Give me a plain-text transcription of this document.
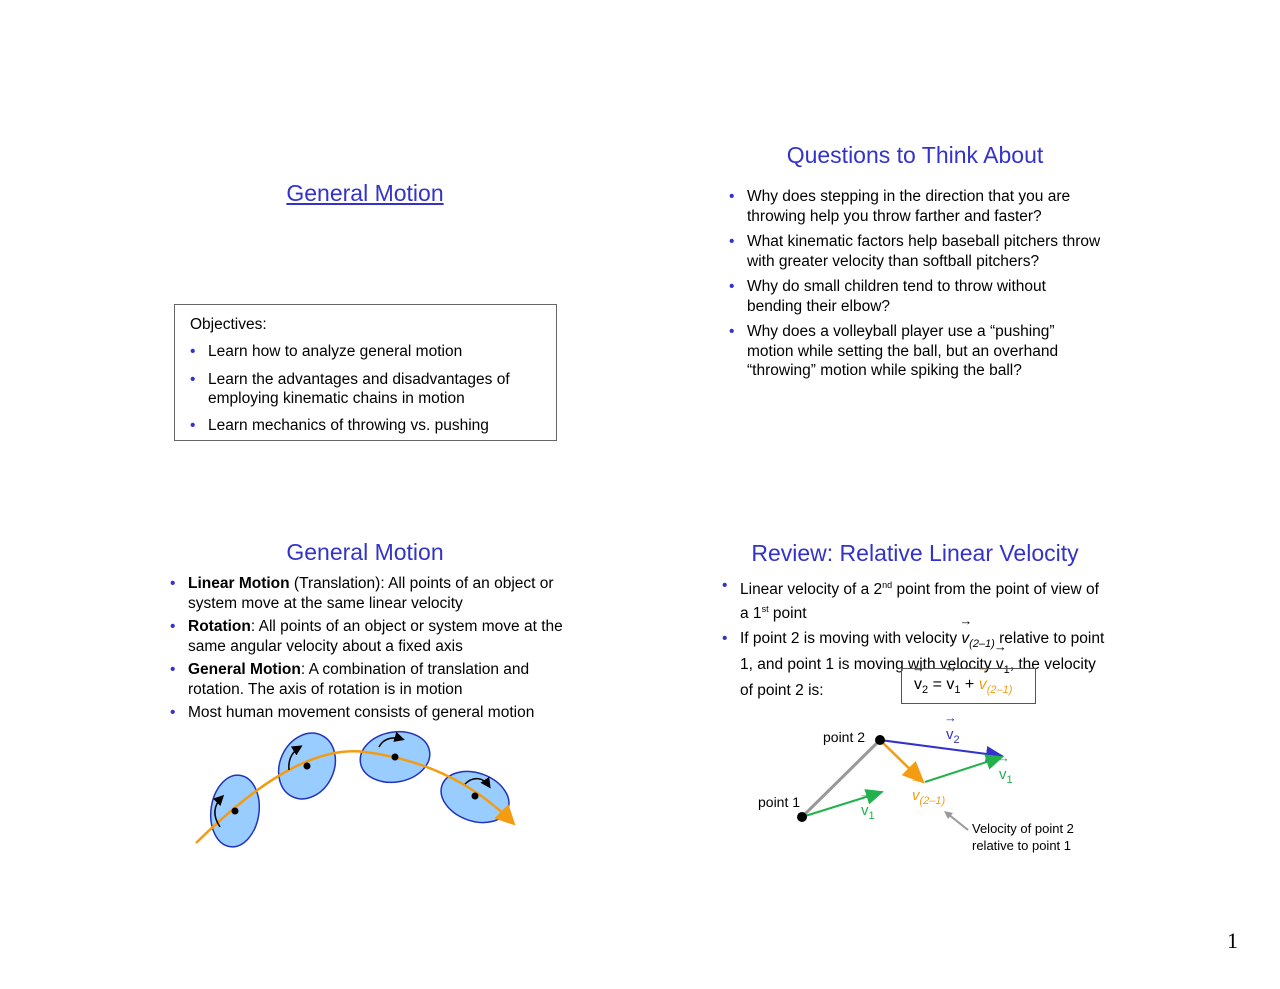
General Motion
Objectives:
• Learn how to analyze general motion
• Learn the advantages and disadvantages of employing kinematic chains in motion
• Learn mechanics of throwing vs. pushing
Questions to Think About
• Why does stepping in the direction that you are throwing help you throw farther and faster?
• What kinematic factors help baseball pitchers throw with greater velocity than softball pitchers?
• Why do small children tend to throw without bending their elbow?
• Why does a volleyball player use a “pushing” motion while setting the ball, but an overhand “throwing” motion while spiking the ball?
General Motion
• Linear Motion (Translation): All points of an object or system move at the same linear velocity
• Rotation: All points of an object or system move at the same angular velocity about a fixed axis
• General Motion: A combination of translation and rotation. The axis of rotation is in motion
• Most human movement consists of general motion
Review: Relative Linear Velocity
• Linear velocity of a 2nd point from the point of view of a 1st point
• If point 2 is moving with velocity $v \to_{(2-1)}$ relative to point 1, and point 1 is moving with velocity $v \to_1$, the velocity of point 2 is:	$v \to_2 = v \to_1 + v \to_{(2-1)}$
point 2
point 1
$v \to_2$
$v \to_1$
$v \to_1$
$v \to_{(2-1)}$
Velocity of point 2
relative to point 1
1
